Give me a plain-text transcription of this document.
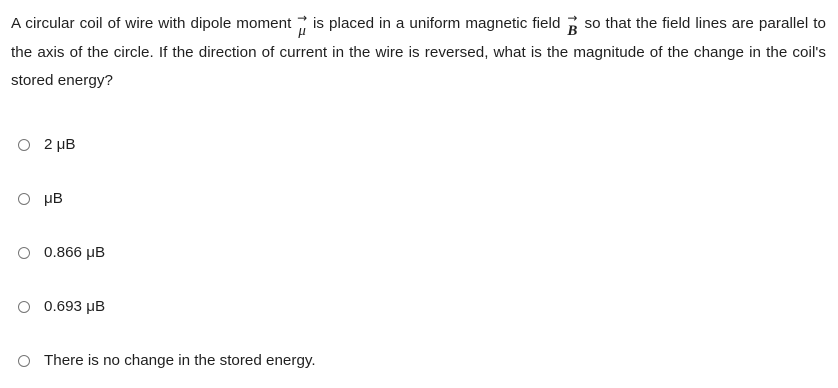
A circular coil of wire with dipole moment →
μ is placed in a uniform magnetic field →
B so that the field lines are parallel to the axis of the circle. If the direction of current in the wire is reversed, what is the magnitude of the change in the coil's stored energy?
2 μB
μB
0.866 μB
0.693 μB
There is no change in the stored energy.
